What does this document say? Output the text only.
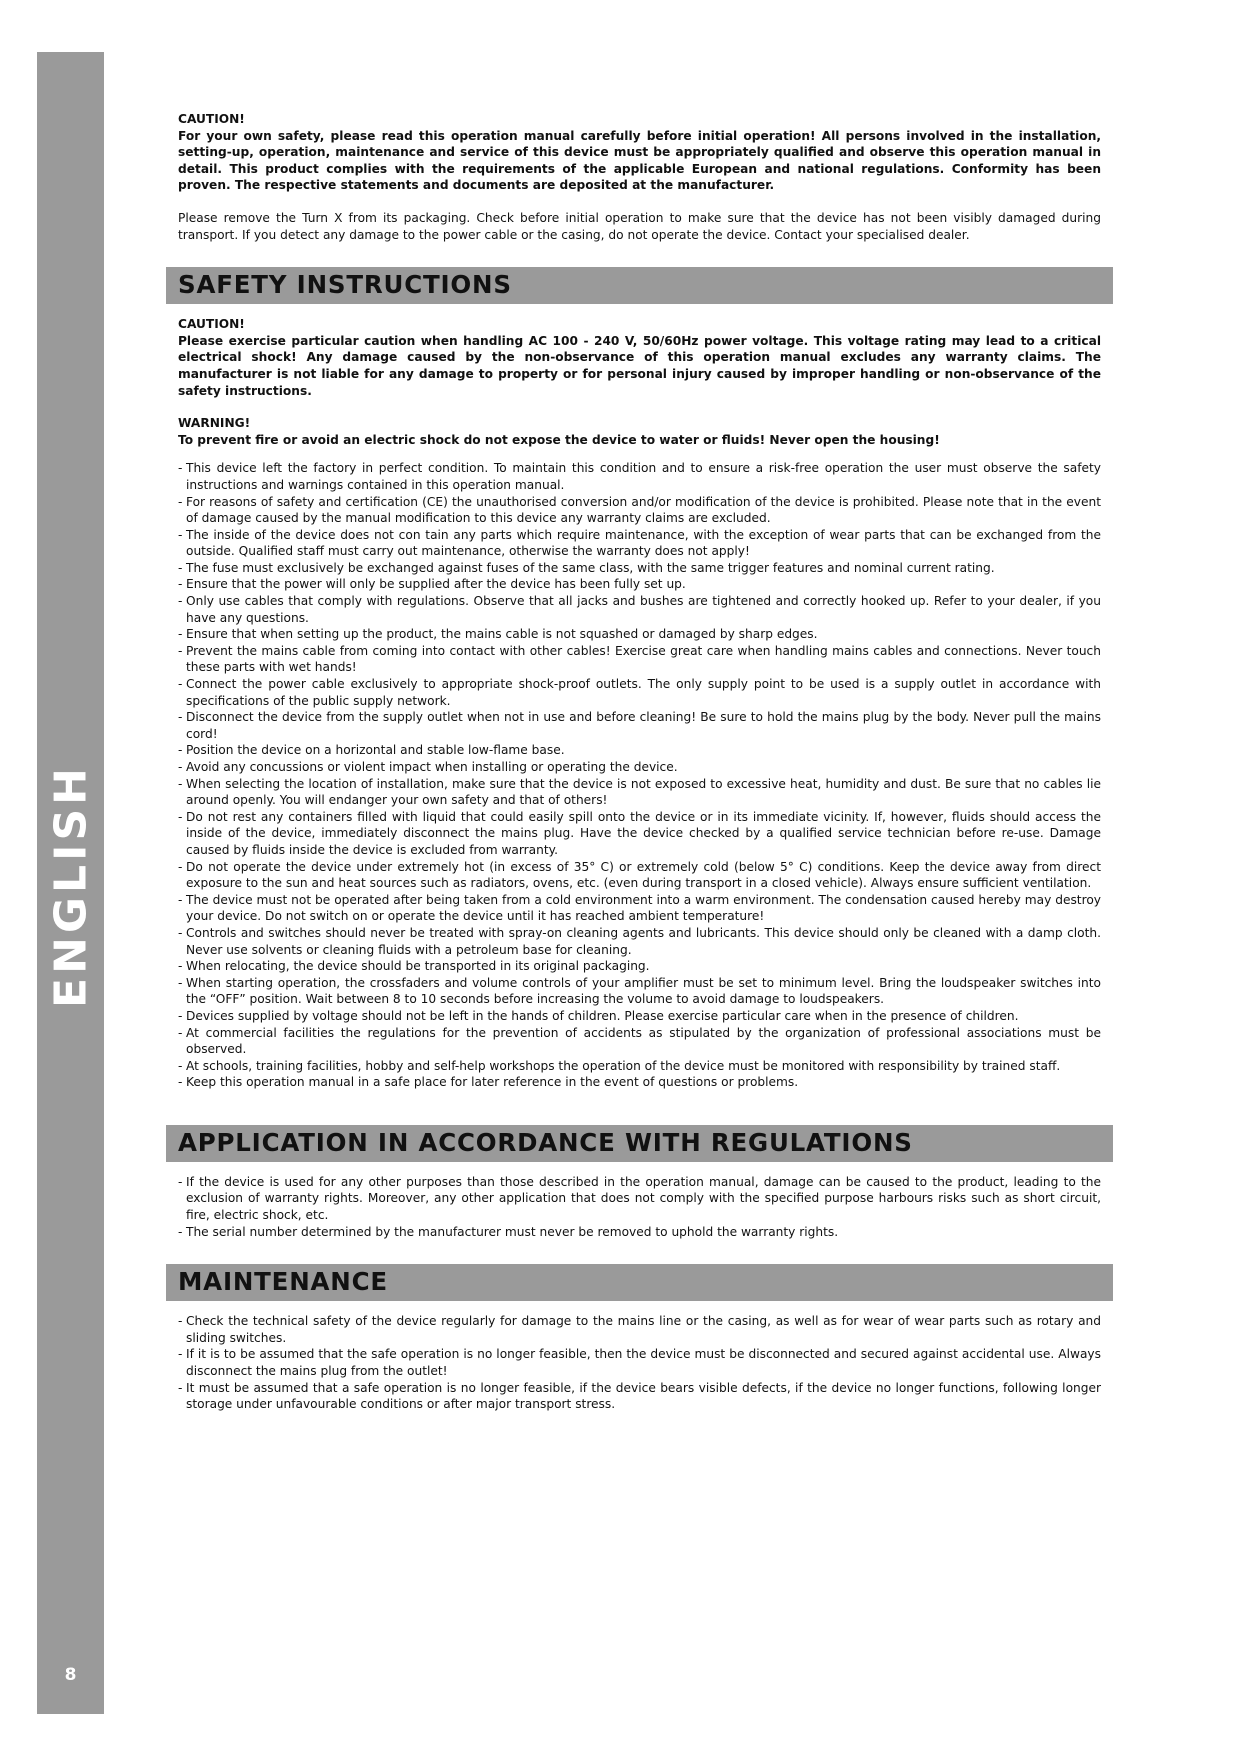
ENGLISH
8

CAUTION!

For your own safety, please read this operation manual carefully before initial operation! All persons involved in the installation, setting-up, operation, maintenance and service of this device must be appropriately qualified and observe this operation manual in detail. This product complies with the requirements of the applicable European and national regulations. Conformity has been proven. The respective statements and documents are deposited at the manufacturer.

Please remove the Turn X from its packaging. Check before initial operation to make sure that the device has not been visibly damaged during transport. If you detect any damage to the power cable or the casing, do not operate the device. Contact your specialised dealer.

SAFETY INSTRUCTIONS

CAUTION!

Please exercise particular caution when handling AC 100 - 240 V, 50/60Hz power voltage. This voltage rating may lead to a critical electrical shock! Any damage caused by the non-observance of this operation manual excludes any warranty claims. The manufacturer is not liable for any damage to property or for personal injury caused by improper handling or non-observance of the safety instructions.

WARNING!

To prevent fire or avoid an electric shock do not expose the device to water or fluids! Never open the housing!

- This device left the factory in perfect condition. To maintain this condition and to ensure a risk-free operation the user must observe the safety instructions and warnings contained in this operation manual.
- For reasons of safety and certification (CE) the unauthorised conversion and/or modification of the device is prohibited. Please note that in the event of damage caused by the manual modification to this device any warranty claims are excluded.
- The inside of the device does not con tain any parts which require maintenance, with the exception of wear parts that can be exchanged from the outside. Qualified staff must carry out maintenance, otherwise the warranty does not apply!
- The fuse must exclusively be exchanged against fuses of the same class, with the same trigger features and nominal current rating.
- Ensure that the power will only be supplied after the device has been fully set up.
- Only use cables that comply with regulations. Observe that all jacks and bushes are tightened and correctly hooked up. Refer to your dealer, if you have any questions.
- Ensure that when setting up the product, the mains cable is not squashed or damaged by sharp edges.
- Prevent the mains cable from coming into contact with other cables! Exercise great care when handling mains cables and connections. Never touch these parts with wet hands!
- Connect the power cable exclusively to appropriate shock-proof outlets. The only supply point to be used is a supply outlet in accordance with specifications of the public supply network.
- Disconnect the device from the supply outlet when not in use and before cleaning! Be sure to hold the mains plug by the body. Never pull the mains cord!
- Position the device on a horizontal and stable low-flame base.
- Avoid any concussions or violent impact when installing or operating the device.
- When selecting the location of installation, make sure that the device is not exposed to excessive heat, humidity and dust. Be sure that no cables lie around openly. You will endanger your own safety and that of others!
- Do not rest any containers filled with liquid that could easily spill onto the device or in its immediate vicinity. If, however, fluids should access the inside of the device, immediately disconnect the mains plug. Have the device checked by a qualified service technician before re-use. Damage caused by fluids inside the device is excluded from warranty.
- Do not operate the device under extremely hot (in excess of 35° C) or extremely cold (below 5° C) conditions. Keep the device away from direct exposure to the sun and heat sources such as radiators, ovens, etc. (even during transport in a closed vehicle). Always ensure sufficient ventilation.
- The device must not be operated after being taken from a cold environment into a warm environment. The condensation caused hereby may destroy your device. Do not switch on or operate the device until it has reached ambient temperature!
- Controls and switches should never be treated with spray-on cleaning agents and lubricants. This device should only be cleaned with a damp cloth. Never use solvents or cleaning fluids with a petroleum base for cleaning.
- When relocating, the device should be transported in its original packaging.
- When starting operation, the crossfaders and volume controls of your amplifier must be set to minimum level. Bring the loudspeaker switches into the “OFF” position. Wait between 8 to 10 seconds before increasing the volume to avoid damage to loudspeakers.
- Devices supplied by voltage should not be left in the hands of children. Please exercise particular care when in the presence of children.
- At commercial facilities the regulations for the prevention of accidents as stipulated by the organization of professional associations must be observed.
- At schools, training facilities, hobby and self-help workshops the operation of the device must be monitored with responsibility by trained staff.
- Keep this operation manual in a safe place for later reference in the event of questions or problems.
APPLICATION IN ACCORDANCE WITH REGULATIONS
- If the device is used for any other purposes than those described in the operation manual, damage can be caused to the product, leading to the exclusion of warranty rights. Moreover, any other application that does not comply with the specified purpose harbours risks such as short circuit, fire, electric shock, etc.
- The serial number determined by the manufacturer must never be removed to uphold the warranty rights.
MAINTENANCE
- Check the technical safety of the device regularly for damage to the mains line or the casing, as well as for wear of wear parts such as rotary and sliding switches.
- If it is to be assumed that the safe operation is no longer feasible, then the device must be disconnected and secured against accidental use. Always disconnect the mains plug from the outlet!
- It must be assumed that a safe operation is no longer feasible, if the device bears visible defects, if the device no longer functions, following longer storage under unfavourable conditions or after major transport stress.
